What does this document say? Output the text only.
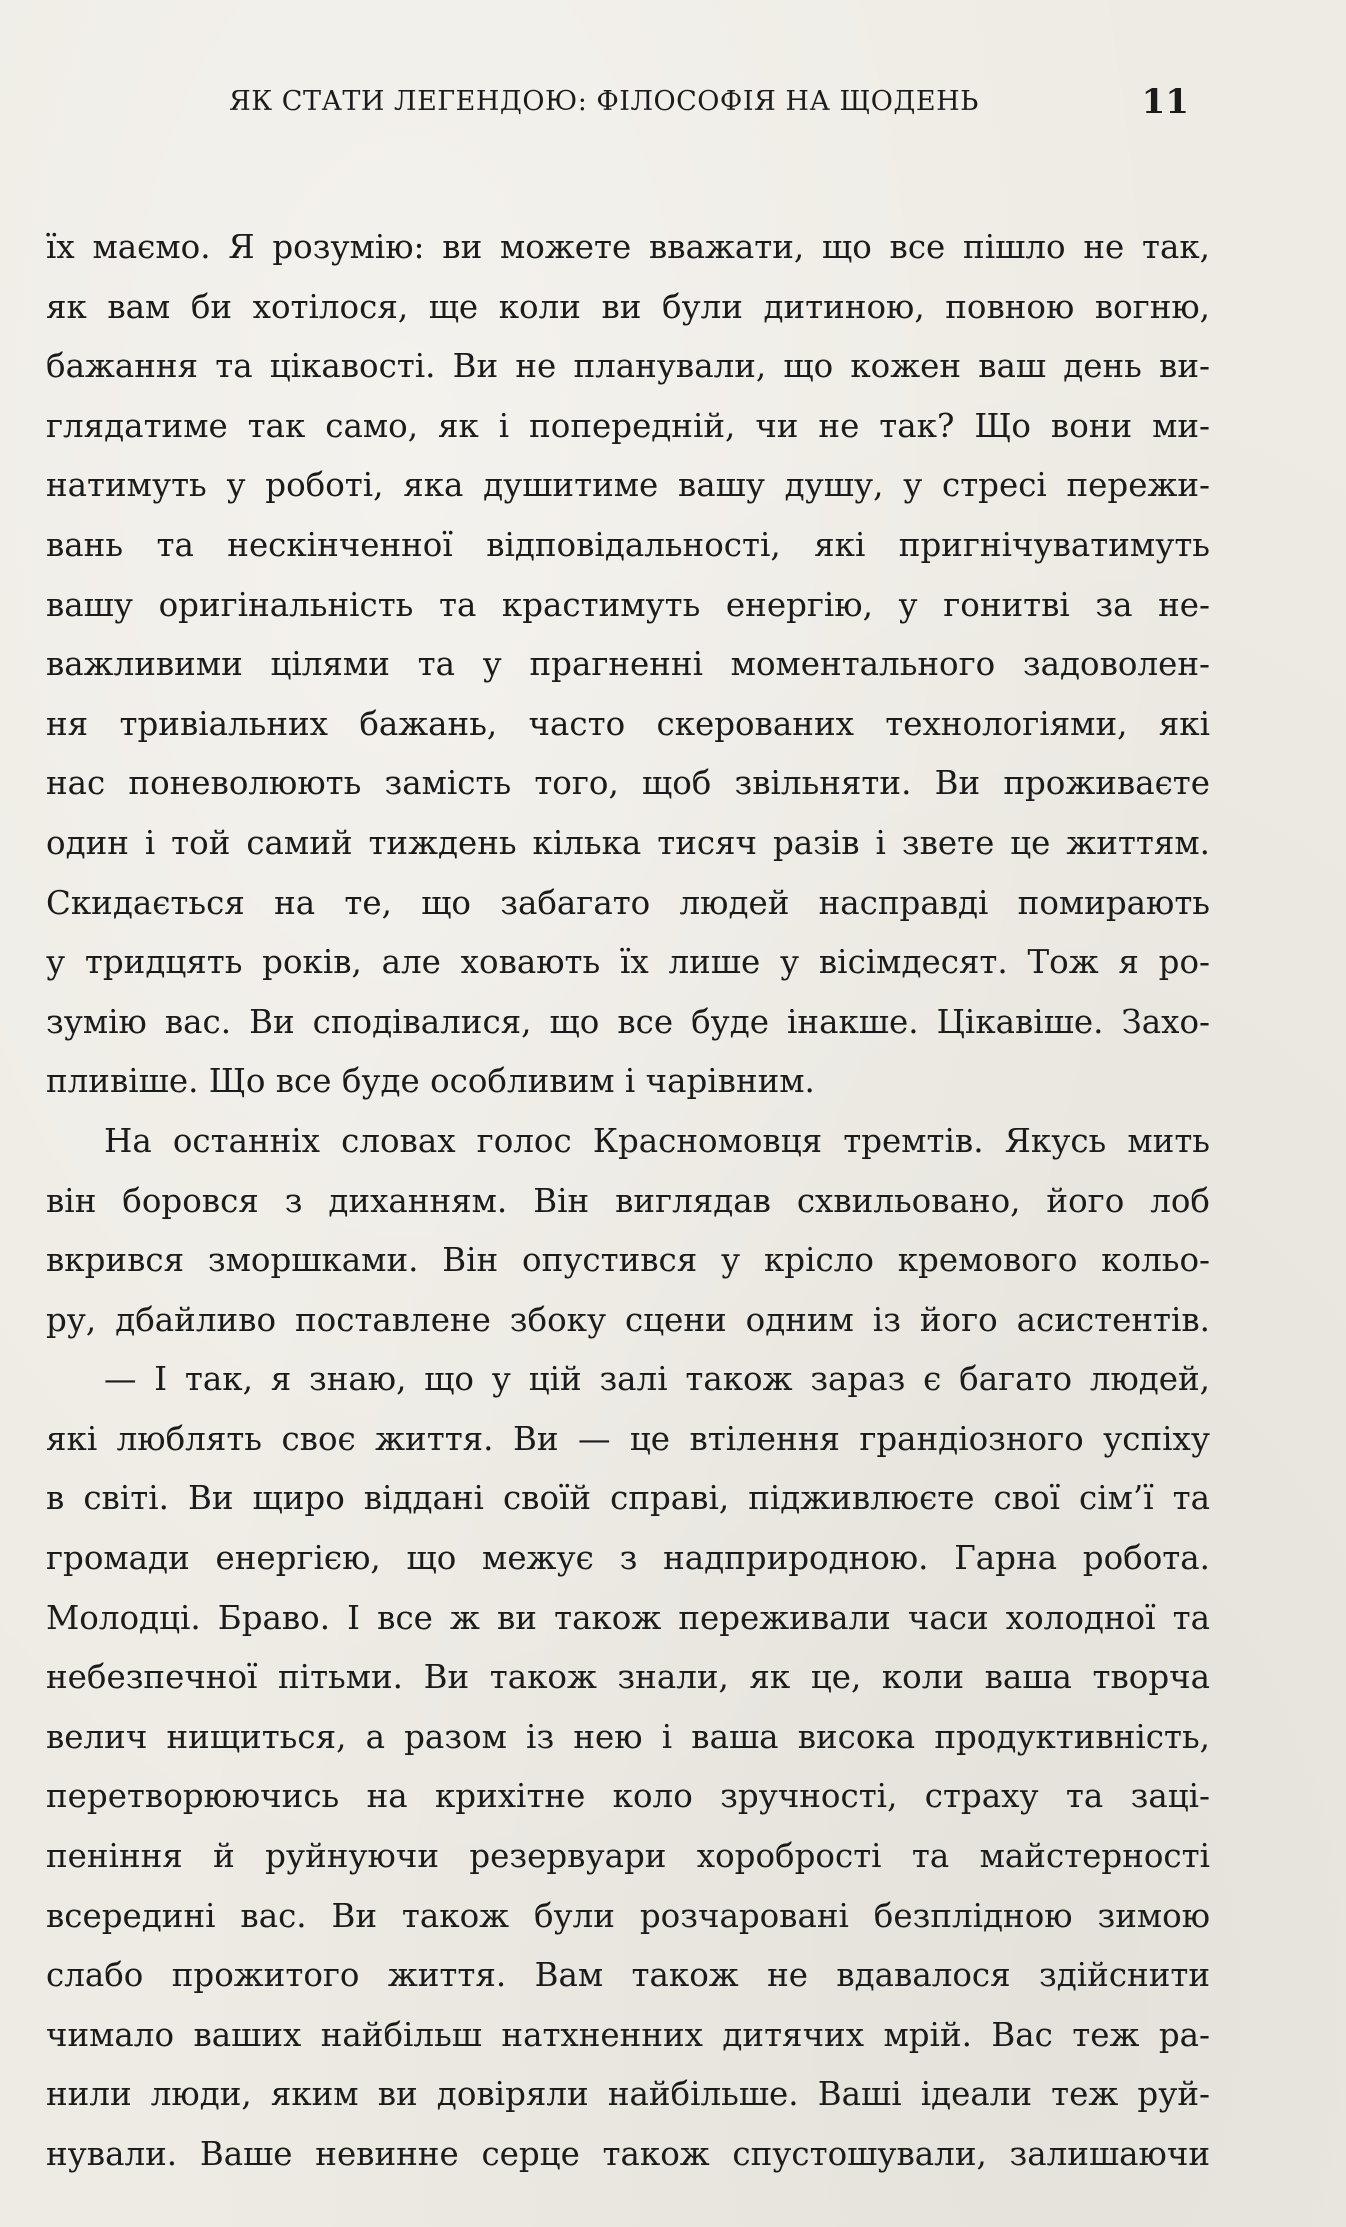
ЯК СТАТИ ЛЕГЕНДОЮ: ФІЛОСОФІЯ НА ЩОДЕНЬ	11
їх маємо. Я розумію: ви можете вважати, що все пішло не так,
як вам би хотілося, ще коли ви були дитиною, повною вогню,
бажання та цікавості. Ви не планували, що кожен ваш день ви-
глядатиме так само, як і попередній, чи не так? Що вони ми-
натимуть у роботі, яка душитиме вашу душу, у стресі пережи-
вань та нескінченної відповідальності, які пригнічуватимуть
вашу оригінальність та крастимуть енергію, у гонитві за не-
важливими цілями та у прагненні моментального задоволен-
ня тривіальних бажань, часто скерованих технологіями, які
нас поневолюють замість того, щоб звільняти. Ви проживаєте
один і той самий тиждень кілька тисяч разів і звете це життям.
Скидається на те, що забагато людей насправді помирають
у тридцять років, але ховають їх лише у вісімдесят. Тож я ро-
зумію вас. Ви сподівалися, що все буде інакше. Цікавіше. Захо-
пливіше. Що все буде особливим і чарівним.
На останніх словах голос Красномовця тремтів. Якусь мить
він боровся з диханням. Він виглядав схвильовано, його лоб
вкрився зморшками. Він опустився у крісло кремового кольо-
ру, дбайливо поставлене збоку сцени одним із його асистентів.
— І так, я знаю, що у цій залі також зараз є багато людей,
які люблять своє життя. Ви — це втілення грандіозного успіху
в світі. Ви щиро віддані своїй справі, підживлюєте свої сім’ї та
громади енергією, що межує з надприродною. Гарна робота.
Молодці. Браво. І все ж ви також переживали часи холодної та
небезпечної пітьми. Ви також знали, як це, коли ваша творча
велич нищиться, а разом із нею і ваша висока продуктивність,
перетворюючись на крихітне коло зручності, страху та заці-
пеніння й руйнуючи резервуари хоробрості та майстерності
всередині вас. Ви також були розчаровані безплідною зимою
слабо прожитого життя. Вам також не вдавалося здійснити
чимало ваших найбільш натхненних дитячих мрій. Вас теж ра-
нили люди, яким ви довіряли найбільше. Ваші ідеали теж руй-
нували. Ваше невинне серце також спустошували, залишаючи
